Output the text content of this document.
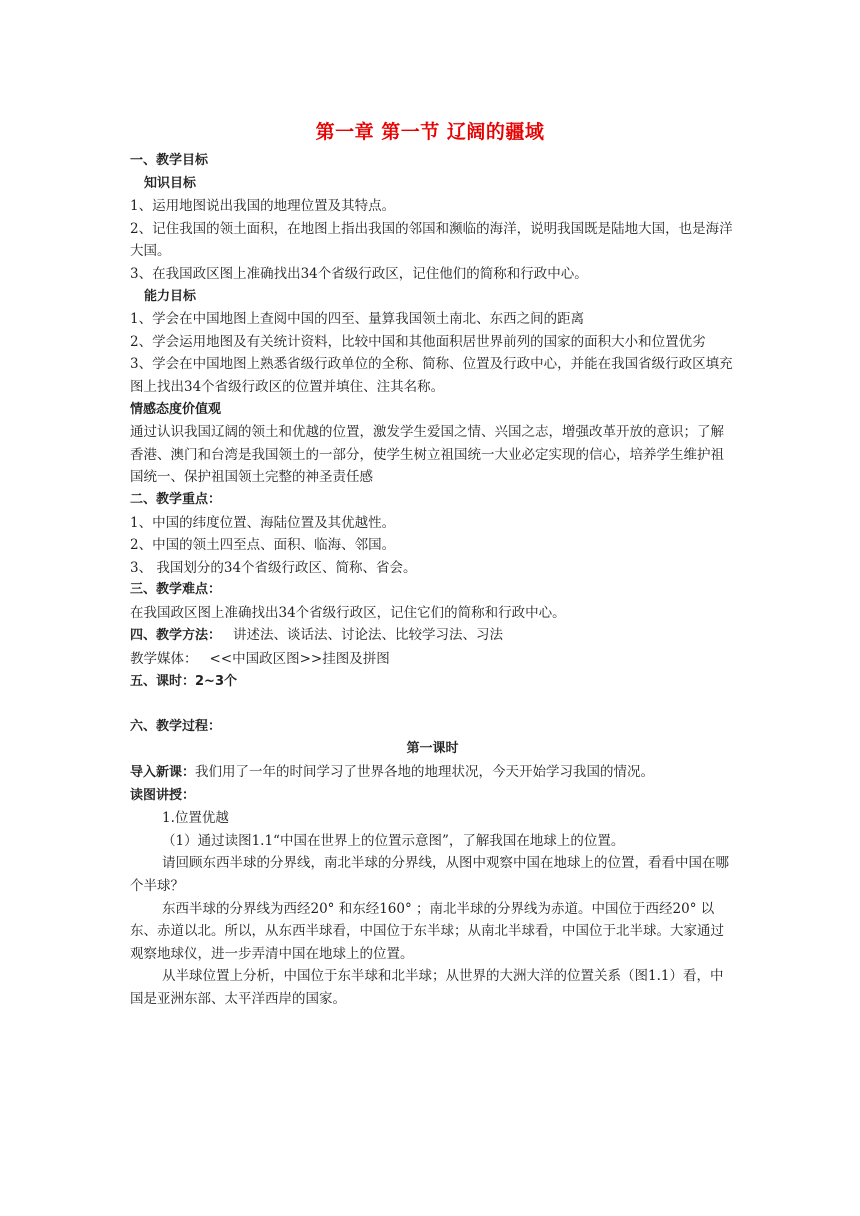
第一章 第一节 辽阔的疆域

一、教学目标

知识目标

1、运用地图说出我国的地理位置及其特点。

2、记住我国的领土面积，在地图上指出我国的邻国和濒临的海洋，说明我国既是陆地大国，也是海洋大国。

3、在我国政区图上准确找出34个省级行政区，记住他们的简称和行政中心。

能力目标

1、学会在中国地图上查阅中国的四至、量算我国领土南北、东西之间的距离

2、学会运用地图及有关统计资料，比较中国和其他面积居世界前列的国家的面积大小和位置优劣

3、学会在中国地图上熟悉省级行政单位的全称、简称、位置及行政中心，并能在我国省级行政区填充图上找出34个省级行政区的位置并填住、注其名称。

情感态度价值观

通过认识我国辽阔的领土和优越的位置，激发学生爱国之情、兴国之志，增强改革开放的意识；了解香港、澳门和台湾是我国领土的一部分，使学生树立祖国统一大业必定实现的信心，培养学生维护祖国统一、保护祖国领土完整的神圣责任感

二、教学重点：

1、中国的纬度位置、海陆位置及其优越性。

2、中国的领土四至点、面积、临海、邻国。

3、 我国划分的34个省级行政区、简称、省会。

三、教学难点：

在我国政区图上准确找出34个省级行政区，记住它们的简称和行政中心。

四、教学方法： 讲述法、谈话法、讨论法、比较学习法、习法

教学媒体： <<中国政区图>>挂图及拼图

五、课时：2~3个

六、教学过程：

第一课时

导入新课：我们用了一年的时间学习了世界各地的地理状况，今天开始学习我国的情况。

读图讲授：

1.位置优越

（1）通过读图1.1“中国在世界上的位置示意图”，了解我国在地球上的位置。

请回顾东西半球的分界线，南北半球的分界线，从图中观察中国在地球上的位置，看看中国在哪个半球？

东西半球的分界线为西经20° 和东经160° ；南北半球的分界线为赤道。中国位于西经20° 以东、赤道以北。所以，从东西半球看，中国位于东半球；从南北半球看，中国位于北半球。大家通过观察地球仪，进一步弄清中国在地球上的位置。

从半球位置上分析，中国位于东半球和北半球；从世界的大洲大洋的位置关系（图1.1）看，中国是亚洲东部、太平洋西岸的国家。
